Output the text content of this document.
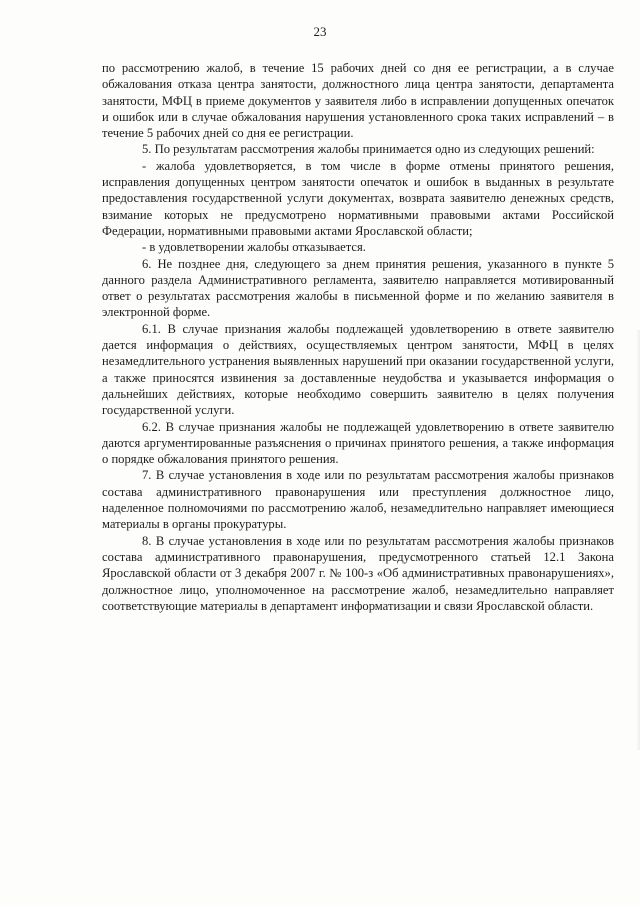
23

по рассмотрению жалоб, в течение 15 рабочих дней со дня ее регистрации, а в случае обжалования отказа центра занятости, должностного лица центра занятости, департамента занятости, МФЦ в приеме документов у заявителя либо в исправлении допущенных опечаток и ошибок или в случае обжалования нарушения установленного срока таких исправлений – в течение 5 рабочих дней со дня ее регистрации.

5. По результатам рассмотрения жалобы принимается одно из следующих решений:

- жалоба удовлетворяется, в том числе в форме отмены принятого решения, исправления допущенных центром занятости опечаток и ошибок в выданных в результате предоставления государственной услуги документах, возврата заявителю денежных средств, взимание которых не предусмотрено нормативными правовыми актами Российской Федерации, нормативными правовыми актами Ярославской области;

- в удовлетворении жалобы отказывается.

6. Не позднее дня, следующего за днем принятия решения, указанного в пункте 5 данного раздела Административного регламента, заявителю направляется мотивированный ответ о результатах рассмотрения жалобы в письменной форме и по желанию заявителя в электронной форме.

6.1. В случае признания жалобы подлежащей удовлетворению в ответе заявителю дается информация о действиях, осуществляемых центром занятости, МФЦ в целях незамедлительного устранения выявленных нарушений при оказании государственной услуги, а также приносятся извинения за доставленные неудобства и указывается информация о дальнейших действиях, которые необходимо совершить заявителю в целях получения государственной услуги.

6.2. В случае признания жалобы не подлежащей удовлетворению в ответе заявителю даются аргументированные разъяснения о причинах принятого решения, а также информация о порядке обжалования принятого решения.

7. В случае установления в ходе или по результатам рассмотрения жалобы признаков состава административного правонарушения или преступления должностное лицо, наделенное полномочиями по рассмотрению жалоб, незамедлительно направляет имеющиеся материалы в органы прокуратуры.

8. В случае установления в ходе или по результатам рассмотрения жалобы признаков состава административного правонарушения, предусмотренного статьей 12.1 Закона Ярославской области от 3 декабря 2007 г. № 100-з «Об административных правонарушениях», должностное лицо, уполномоченное на рассмотрение жалоб, незамедлительно направляет соответствующие материалы в департамент информатизации и связи Ярославской области.
